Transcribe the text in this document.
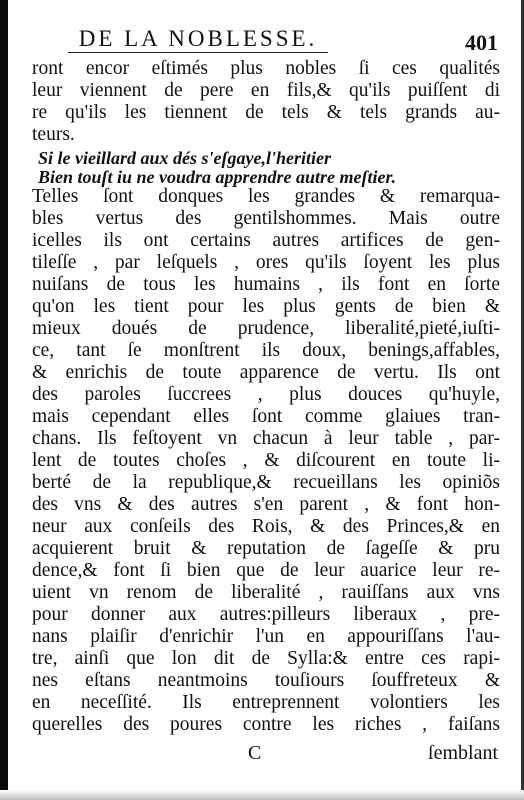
DE LA NOBLESSE.	401
ront encor eſtimés plus nobles ſi ces qualités
leur viennent de pere en fils,& qu'ils puiſſent di
re qu'ils les tiennent de tels & tels grands au-
teurs.
Si le vieillard aux dés s'eſgaye,l'heritier
Bien touſt iu ne voudra apprendre autre meſtier.
Telles ſont donques les grandes & remarqua-
bles vertus des gentilshommes. Mais outre
icelles ils ont certains autres artifices de gen-
tileſſe , par leſquels , ores qu'ils ſoyent les plus
nuiſans de tous les humains , ils font en ſorte
qu'on les tient pour les plus gents de bien &
mieux doués de prudence, liberalité,pieté,iuſti-
ce, tant ſe monſtrent ils doux, benings,affables,
& enrichis de toute apparence de vertu. Ils ont
des paroles ſuccrees , plus douces qu'huyle,
mais cependant elles ſont comme glaiues tran-
chans. Ils feſtoyent vn chacun à leur table , par-
lent de toutes choſes , & diſcourent en toute li-
berté de la republique,& recueillans les opiniõs
des vns & des autres s'en parent , & font hon-
neur aux conſeils des Rois, & des Princes,& en
acquierent bruit & reputation de ſageſſe & pru
dence,& font ſi bien que de leur auarice leur re-
uient vn renom de liberalité , rauiſſans aux vns
pour donner aux autres:pilleurs liberaux , pre-
nans plaiſir d'enrichir l'un en appouriſſans l'au-
tre, ainſi que lon dit de Sylla:& entre ces rapi-
nes eſtans neantmoins touſiours ſouffreteux &
en neceſſité. Ils entreprennent volontiers les
querelles des poures contre les riches , faiſans
C	ſemblant
